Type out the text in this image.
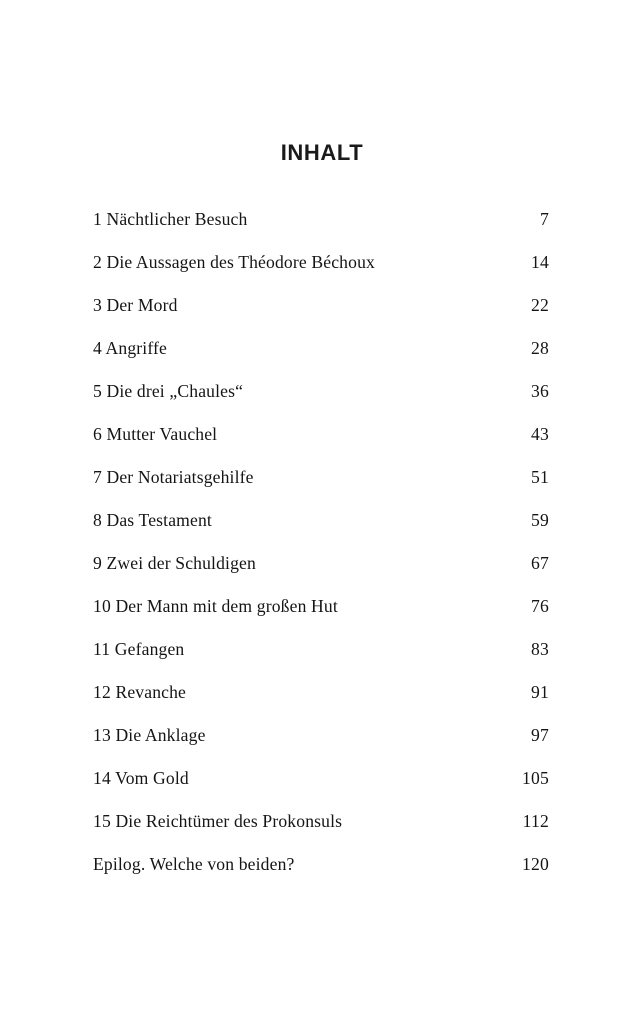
INHALT
1 Nächtlicher Besuch .....	7
2 Die Aussagen des Théodore Béchoux .....	14
3 Der Mord .....	22
4 Angriffe .....	28
5 Die drei „Chaules“ .....	36
6 Mutter Vauchel .....	43
7 Der Notariatsgehilfe .....	51
8 Das Testament .....	59
9 Zwei der Schuldigen .....	67
10 Der Mann mit dem großen Hut .....	76
11 Gefangen .....	83
12 Revanche .....	91
13 Die Anklage .....	97
14 Vom Gold .....	105
15 Die Reichtümer des Prokonsuls .....	112
Epilog. Welche von beiden? .....	120
